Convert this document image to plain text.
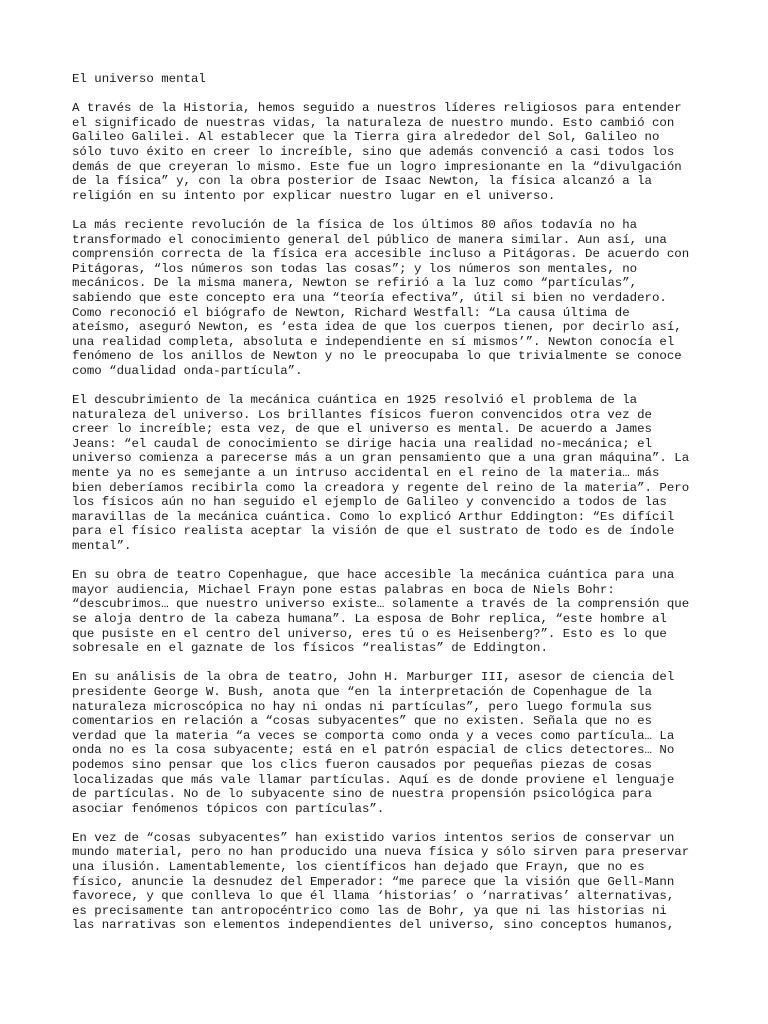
El universo mental
A través de la Historia, hemos seguido a nuestros líderes religiosos para entender
el significado de nuestras vidas, la naturaleza de nuestro mundo. Esto cambió con
Galileo Galilei. Al establecer que la Tierra gira alrededor del Sol, Galileo no
sólo tuvo éxito en creer lo increíble, sino que además convenció a casi todos los
demás de que creyeran lo mismo. Este fue un logro impresionante en la “divulgación
de la física” y, con la obra posterior de Isaac Newton, la física alcanzó a la
religión en su intento por explicar nuestro lugar en el universo.
La más reciente revolución de la física de los últimos 80 años todavía no ha
transformado el conocimiento general del público de manera similar. Aun así, una
comprensión correcta de la física era accesible incluso a Pitágoras. De acuerdo con
Pitágoras, “los números son todas las cosas”; y los números son mentales, no
mecánicos. De la misma manera, Newton se refirió a la luz como “partículas”,
sabiendo que este concepto era una “teoría efectiva”, útil si bien no verdadero.
Como reconoció el biógrafo de Newton, Richard Westfall: “La causa última de
ateísmo, aseguró Newton, es ‘esta idea de que los cuerpos tienen, por decirlo así,
una realidad completa, absoluta e independiente en sí mismos’”. Newton conocía el
fenómeno de los anillos de Newton y no le preocupaba lo que trivialmente se conoce
como “dualidad onda-partícula”.
El descubrimiento de la mecánica cuántica en 1925 resolvió el problema de la
naturaleza del universo. Los brillantes físicos fueron convencidos otra vez de
creer lo increíble; esta vez, de que el universo es mental. De acuerdo a James
Jeans: “el caudal de conocimiento se dirige hacia una realidad no-mecánica; el
universo comienza a parecerse más a un gran pensamiento que a una gran máquina”. La
mente ya no es semejante a un intruso accidental en el reino de la materia… más
bien deberíamos recibirla como la creadora y regente del reino de la materia”. Pero
los físicos aún no han seguido el ejemplo de Galileo y convencido a todos de las
maravillas de la mecánica cuántica. Como lo explicó Arthur Eddington: “Es difícil
para el físico realista aceptar la visión de que el sustrato de todo es de índole
mental”.
En su obra de teatro Copenhague, que hace accesible la mecánica cuántica para una
mayor audiencia, Michael Frayn pone estas palabras en boca de Niels Bohr:
“descubrimos… que nuestro universo existe… solamente a través de la comprensión que
se aloja dentro de la cabeza humana”. La esposa de Bohr replica, “este hombre al
que pusiste en el centro del universo, eres tú o es Heisenberg?”. Esto es lo que
sobresale en el gaznate de los físicos “realistas” de Eddington.
En su análisis de la obra de teatro, John H. Marburger III, asesor de ciencia del
presidente George W. Bush, anota que “en la interpretación de Copenhague de la
naturaleza microscópica no hay ni ondas ni partículas”, pero luego formula sus
comentarios en relación a “cosas subyacentes” que no existen. Señala que no es
verdad que la materia “a veces se comporta como onda y a veces como partícula… La
onda no es la cosa subyacente; está en el patrón espacial de clics detectores… No
podemos sino pensar que los clics fueron causados por pequeñas piezas de cosas
localizadas que más vale llamar partículas. Aquí es de donde proviene el lenguaje
de partículas. No de lo subyacente sino de nuestra propensión psicológica para
asociar fenómenos tópicos con partículas”.
En vez de “cosas subyacentes” han existido varios intentos serios de conservar un
mundo material, pero no han producido una nueva física y sólo sirven para preservar
una ilusión. Lamentablemente, los científicos han dejado que Frayn, que no es
físico, anuncie la desnudez del Emperador: “me parece que la visión que Gell-Mann
favorece, y que conlleva lo que él llama ‘historias’ o ‘narrativas’ alternativas,
es precisamente tan antropocéntrico como las de Bohr, ya que ni las historias ni
las narrativas son elementos independientes del universo, sino conceptos humanos,
